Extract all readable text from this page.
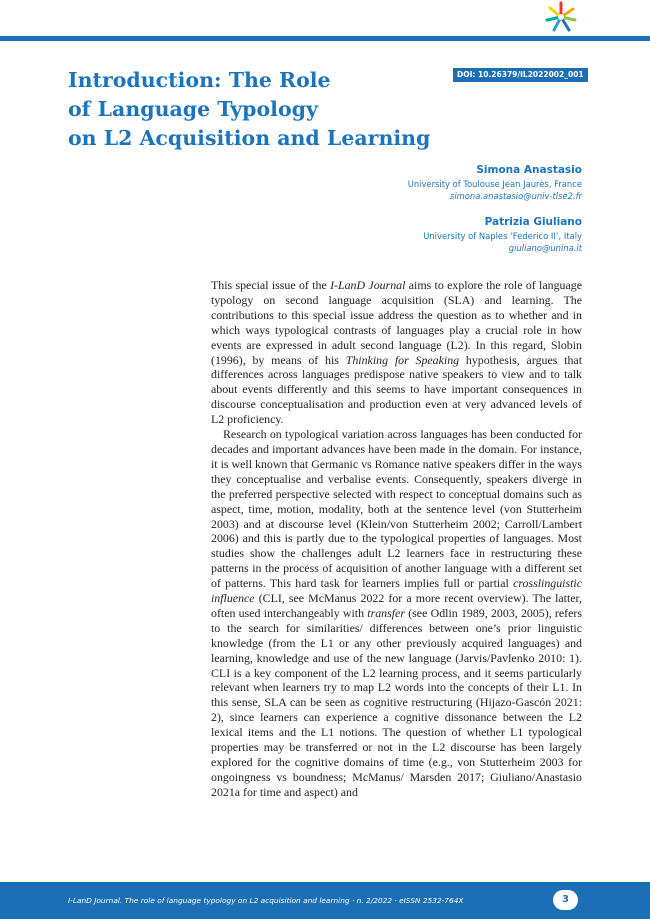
Introduction: The Role
of Language Typology
on L2 Acquisition and Learning
DOI: 10.26379/IL2022002_001
Simona Anastasio
University of Toulouse Jean Jaurès, France
simona.anastasio@univ-tlse2.fr
Patrizia Giuliano
University of Naples ‘Federico II’, Italy
giuliano@unina.it

This special issue of the I-LanD Journal aims to explore the role of language typology on second language acquisition (SLA) and learning. The contributions to this special issue address the question as to whether and in which ways typological contrasts of languages play a crucial role in how events are expressed in adult second language (L2). In this regard, Slobin (1996), by means of his Thinking for Speaking hypothesis, argues that differences across languages predispose native speakers to view and to talk about events differently and this seems to have important consequences in discourse conceptualisation and production even at very advanced levels of L2 proficiency.

Research on typological variation across languages has been conducted for decades and important advances have been made in the domain. For instance, it is well known that Germanic vs Romance native speakers differ in the ways they conceptualise and verbalise events. Consequently, speakers diverge in the preferred perspective selected with respect to conceptual domains such as aspect, time, motion, modality, both at the sentence level (von Stutterheim 2003) and at discourse level (Klein/von Stutterheim 2002; Carroll/Lambert 2006) and this is partly due to the typological properties of languages. Most studies show the challenges adult L2 learners face in restructuring these patterns in the process of acquisition of another language with a different set of patterns. This hard task for learners implies full or partial crosslinguistic influence (CLI, see McManus 2022 for a more recent overview). The latter, often used interchangeably with transfer (see Odlin 1989, 2003, 2005), refers to the search for similarities/ differences between one’s prior linguistic knowledge (from the L1 or any other previously acquired languages) and learning, knowledge and use of the new language (Jarvis/Pavlenko 2010: 1). CLI is a key component of the L2 learning process, and it seems particularly relevant when learners try to map L2 words into the concepts of their L1. In this sense, SLA can be seen as cognitive restructuring (Hijazo-Gascón 2021: 2), since learners can experience a cognitive dissonance between the L2 lexical items and the L1 notions. The question of whether L1 typological properties may be transferred or not in the L2 discourse has been largely explored for the cognitive domains of time (e.g., von Stutterheim 2003 for ongoingness vs boundness; McManus/ Marsden 2017; Giuliano/Anastasio 2021a for time and aspect) and

I-LanD Journal. The role of language typology on L2 acquisition and learning · n. 2/2022 · eISSN 2532-764X	3
